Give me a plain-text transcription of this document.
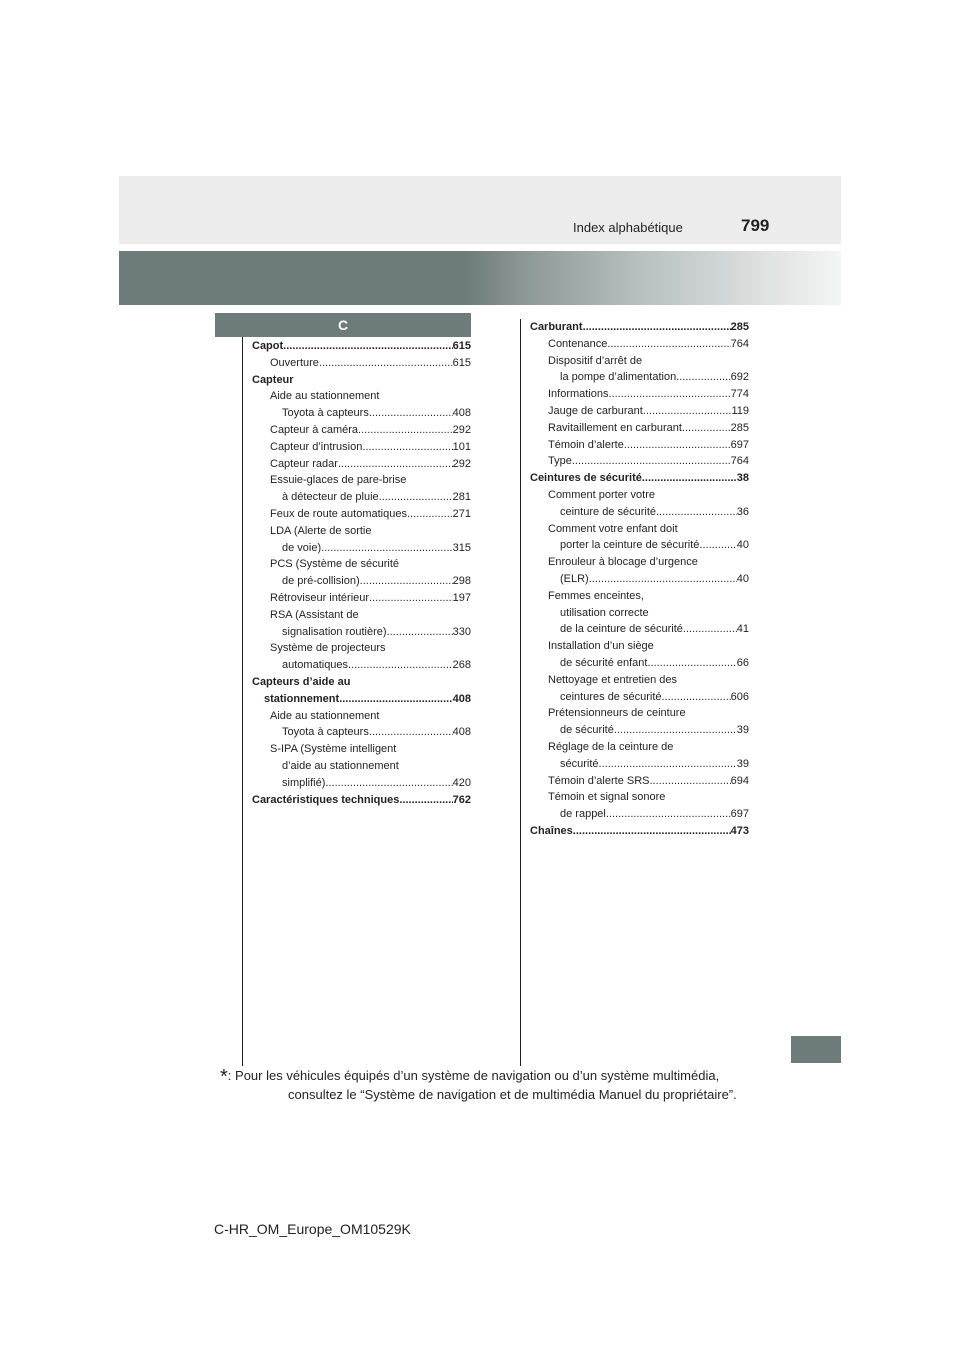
Index alphabétique	799
C
Capot .....	615
Ouverture .....	615
Capteur
Aide au stationnement
Toyota à capteurs .....	408
Capteur à caméra .....	292
Capteur d’intrusion .....	101
Capteur radar .....	292
Essuie-glaces de pare-brise
à détecteur de pluie .....	281
Feux de route automatiques .....	271
LDA (Alerte de sortie
de voie) .....	315
PCS (Système de sécurité
de pré-collision) .....	298
Rétroviseur intérieur .....	197
RSA (Assistant de
signalisation routière) .....	330
Système de projecteurs
automatiques .....	268
Capteurs d’aide au
stationnement .....	408
Aide au stationnement
Toyota à capteurs .....	408
S-IPA (Système intelligent
d’aide au stationnement
simplifié) .....	420
Caractéristiques techniques .....	762
Carburant .....	285
Contenance .....	764
Dispositif d’arrêt de
la pompe d’alimentation .....	692
Informations .....	774
Jauge de carburant .....	119
Ravitaillement en carburant .....	285
Témoin d’alerte .....	697
Type .....	764
Ceintures de sécurité .....	38
Comment porter votre
ceinture de sécurité .....	36
Comment votre enfant doit
porter la ceinture de sécurité .....	40
Enrouleur à blocage d’urgence
(ELR) .....	40
Femmes enceintes,
utilisation correcte
de la ceinture de sécurité .....	41
Installation d’un siège
de sécurité enfant .....	66
Nettoyage et entretien des
ceintures de sécurité .....	606
Prétensionneurs de ceinture
de sécurité .....	39
Réglage de la ceinture de
sécurité .....	39
Témoin d’alerte SRS .....	694
Témoin et signal sonore
de rappel .....	697
Chaînes .....	473
*: Pour les véhicules équipés d’un système de navigation ou d’un système multimédia,
consultez le “Système de navigation et de multimédia Manuel du propriétaire”.
C-HR_OM_Europe_OM10529K
